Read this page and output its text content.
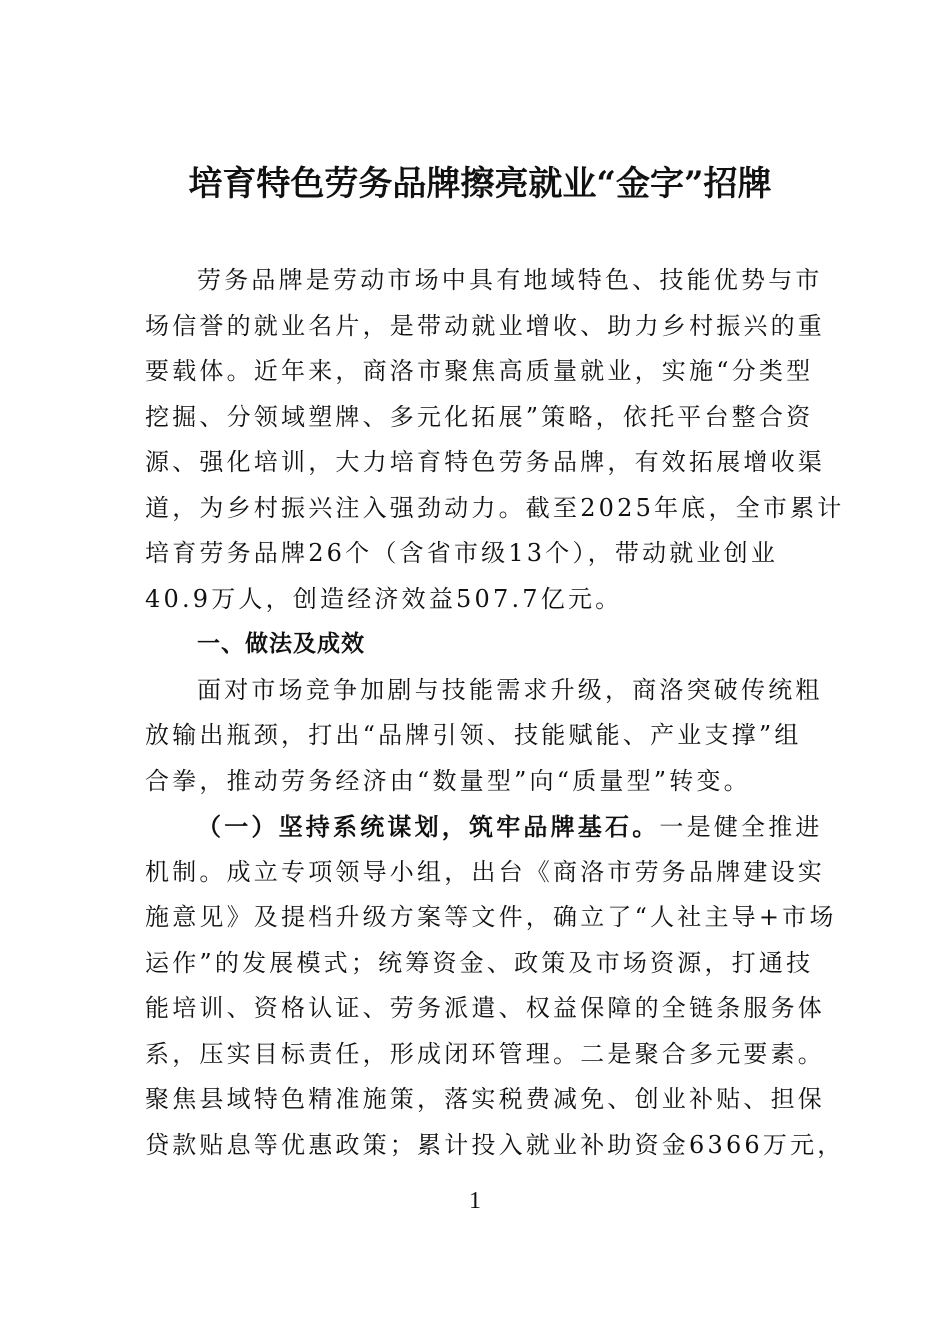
培育特色劳务品牌擦亮就业“金字”招牌
劳务品牌是劳动市场中具有地域特色、技能优势与市
场信誉的就业名片，是带动就业增收、助力乡村振兴的重
要载体。近年来，商洛市聚焦高质量就业，实施“分类型
挖掘、分领域塑牌、多元化拓展”策略，依托平台整合资
源、强化培训，大力培育特色劳务品牌，有效拓展增收渠
道，为乡村振兴注入强劲动力。截至2025年底，全市累计
培育劳务品牌26个（含省市级13个），带动就业创业
40.9万人，创造经济效益507.7亿元。
一、做法及成效
面对市场竞争加剧与技能需求升级，商洛突破传统粗
放输出瓶颈，打出“品牌引领、技能赋能、产业支撑”组
合拳，推动劳务经济由“数量型”向“质量型”转变。
（一）坚持系统谋划，筑牢品牌基石。一是健全推进
机制。成立专项领导小组，出台《商洛市劳务品牌建设实
施意见》及提档升级方案等文件，确立了“人社主导+市场
运作”的发展模式；统筹资金、政策及市场资源，打通技
能培训、资格认证、劳务派遣、权益保障的全链条服务体
系，压实目标责任，形成闭环管理。二是聚合多元要素。
聚焦县域特色精准施策，落实税费减免、创业补贴、担保
贷款贴息等优惠政策；累计投入就业补助资金6366万元，
1
